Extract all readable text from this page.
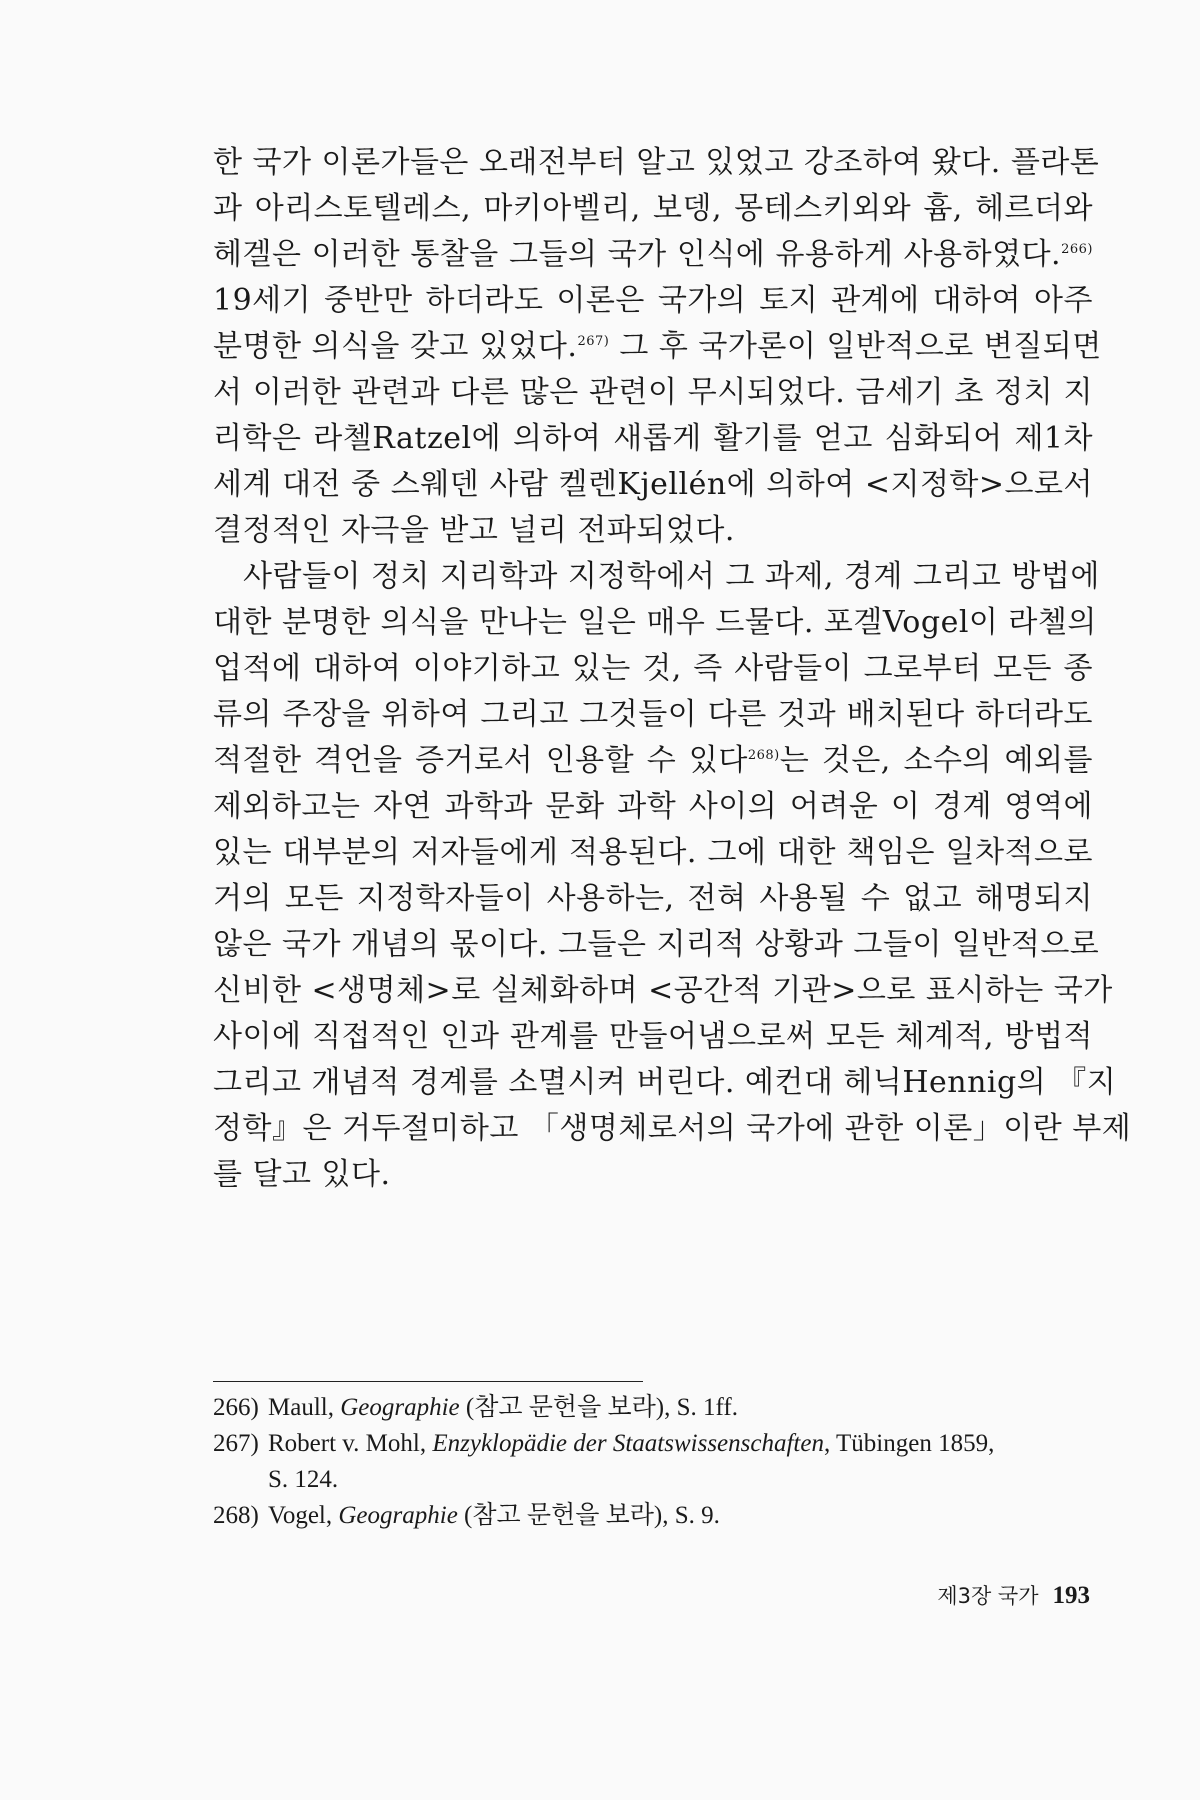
한 국가 이론가들은 오래전부터 알고 있었고 강조하여 왔다. 플라톤
과 아리스토텔레스, 마키아벨리, 보뎅, 몽테스키외와 흄, 헤르더와
헤겔은 이러한 통찰을 그들의 국가 인식에 유용하게 사용하였다.$^{266)}$
19세기 중반만 하더라도 이론은 국가의 토지 관계에 대하여 아주
분명한 의식을 갖고 있었다.$^{267)}$ 그 후 국가론이 일반적으로 변질되면
서 이러한 관련과 다른 많은 관련이 무시되었다. 금세기 초 정치 지
리학은 라첼Ratzel에 의하여 새롭게 활기를 얻고 심화되어 제1차
세계 대전 중 스웨덴 사람 켈렌Kjellén에 의하여 <지정학>으로서
결정적인 자극을 받고 널리 전파되었다.
사람들이 정치 지리학과 지정학에서 그 과제, 경계 그리고 방법에
대한 분명한 의식을 만나는 일은 매우 드물다. 포겔Vogel이 라첼의
업적에 대하여 이야기하고 있는 것, 즉 사람들이 그로부터 모든 종
류의 주장을 위하여 그리고 그것들이 다른 것과 배치된다 하더라도
적절한 격언을 증거로서 인용할 수 있다$^{268)}$는 것은, 소수의 예외를
제외하고는 자연 과학과 문화 과학 사이의 어려운 이 경계 영역에
있는 대부분의 저자들에게 적용된다. 그에 대한 책임은 일차적으로
거의 모든 지정학자들이 사용하는, 전혀 사용될 수 없고 해명되지
않은 국가 개념의 몫이다. 그들은 지리적 상황과 그들이 일반적으로
신비한 <생명체>로 실체화하며 <공간적 기관>으로 표시하는 국가
사이에 직접적인 인과 관계를 만들어냄으로써 모든 체계적, 방법적
그리고 개념적 경계를 소멸시켜 버린다. 예컨대 헤닉Hennig의 『지
정학』은 거두절미하고 「생명체로서의 국가에 관한 이론」이란 부제
를 달고 있다.
266) Maull, Geographie (참고 문헌을 보라), S. 1ff.
267) Robert v. Mohl, Enzyklopädie der Staatswissenschaften, Tübingen 1859,
S. 124.
268) Vogel, Geographie (참고 문헌을 보라), S. 9.
제3장 국가 193
